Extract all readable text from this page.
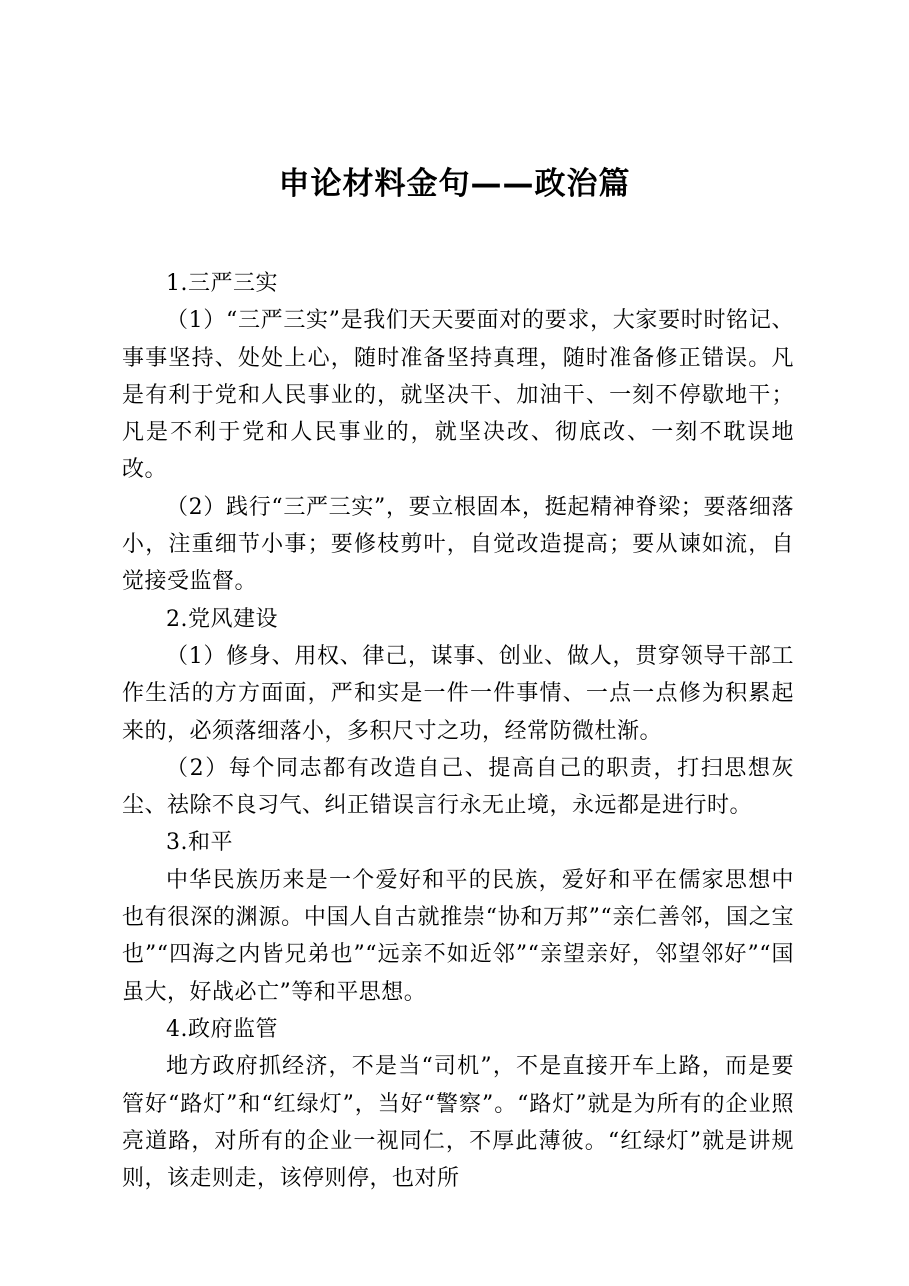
申论材料金句——政治篇

1.三严三实

（1）“三严三实”是我们天天要面对的要求，大家要时时铭记、事事坚持、处处上心，随时准备坚持真理，随时准备修正错误。凡是有利于党和人民事业的，就坚决干、加油干、一刻不停歇地干；凡是不利于党和人民事业的，就坚决改、彻底改、一刻不耽误地改。

（2）践行“三严三实”，要立根固本，挺起精神脊梁；要落细落小，注重细节小事；要修枝剪叶，自觉改造提高；要从谏如流，自觉接受监督。

2.党风建设

（1）修身、用权、律己，谋事、创业、做人，贯穿领导干部工作生活的方方面面，严和实是一件一件事情、一点一点修为积累起来的，必须落细落小，多积尺寸之功，经常防微杜渐。

（2）每个同志都有改造自己、提高自己的职责，打扫思想灰尘、祛除不良习气、纠正错误言行永无止境，永远都是进行时。

3.和平

中华民族历来是一个爱好和平的民族，爱好和平在儒家思想中也有很深的渊源。中国人自古就推崇“协和万邦”“亲仁善邻，国之宝也”“四海之内皆兄弟也”“远亲不如近邻”“亲望亲好，邻望邻好”“国虽大，好战必亡”等和平思想。

4.政府监管

地方政府抓经济，不是当“司机”，不是直接开车上路，而是要管好“路灯”和“红绿灯”，当好“警察”。“路灯”就是为所有的企业照亮道路，对所有的企业一视同仁，不厚此薄彼。“红绿灯”就是讲规则，该走则走，该停则停，也对所
